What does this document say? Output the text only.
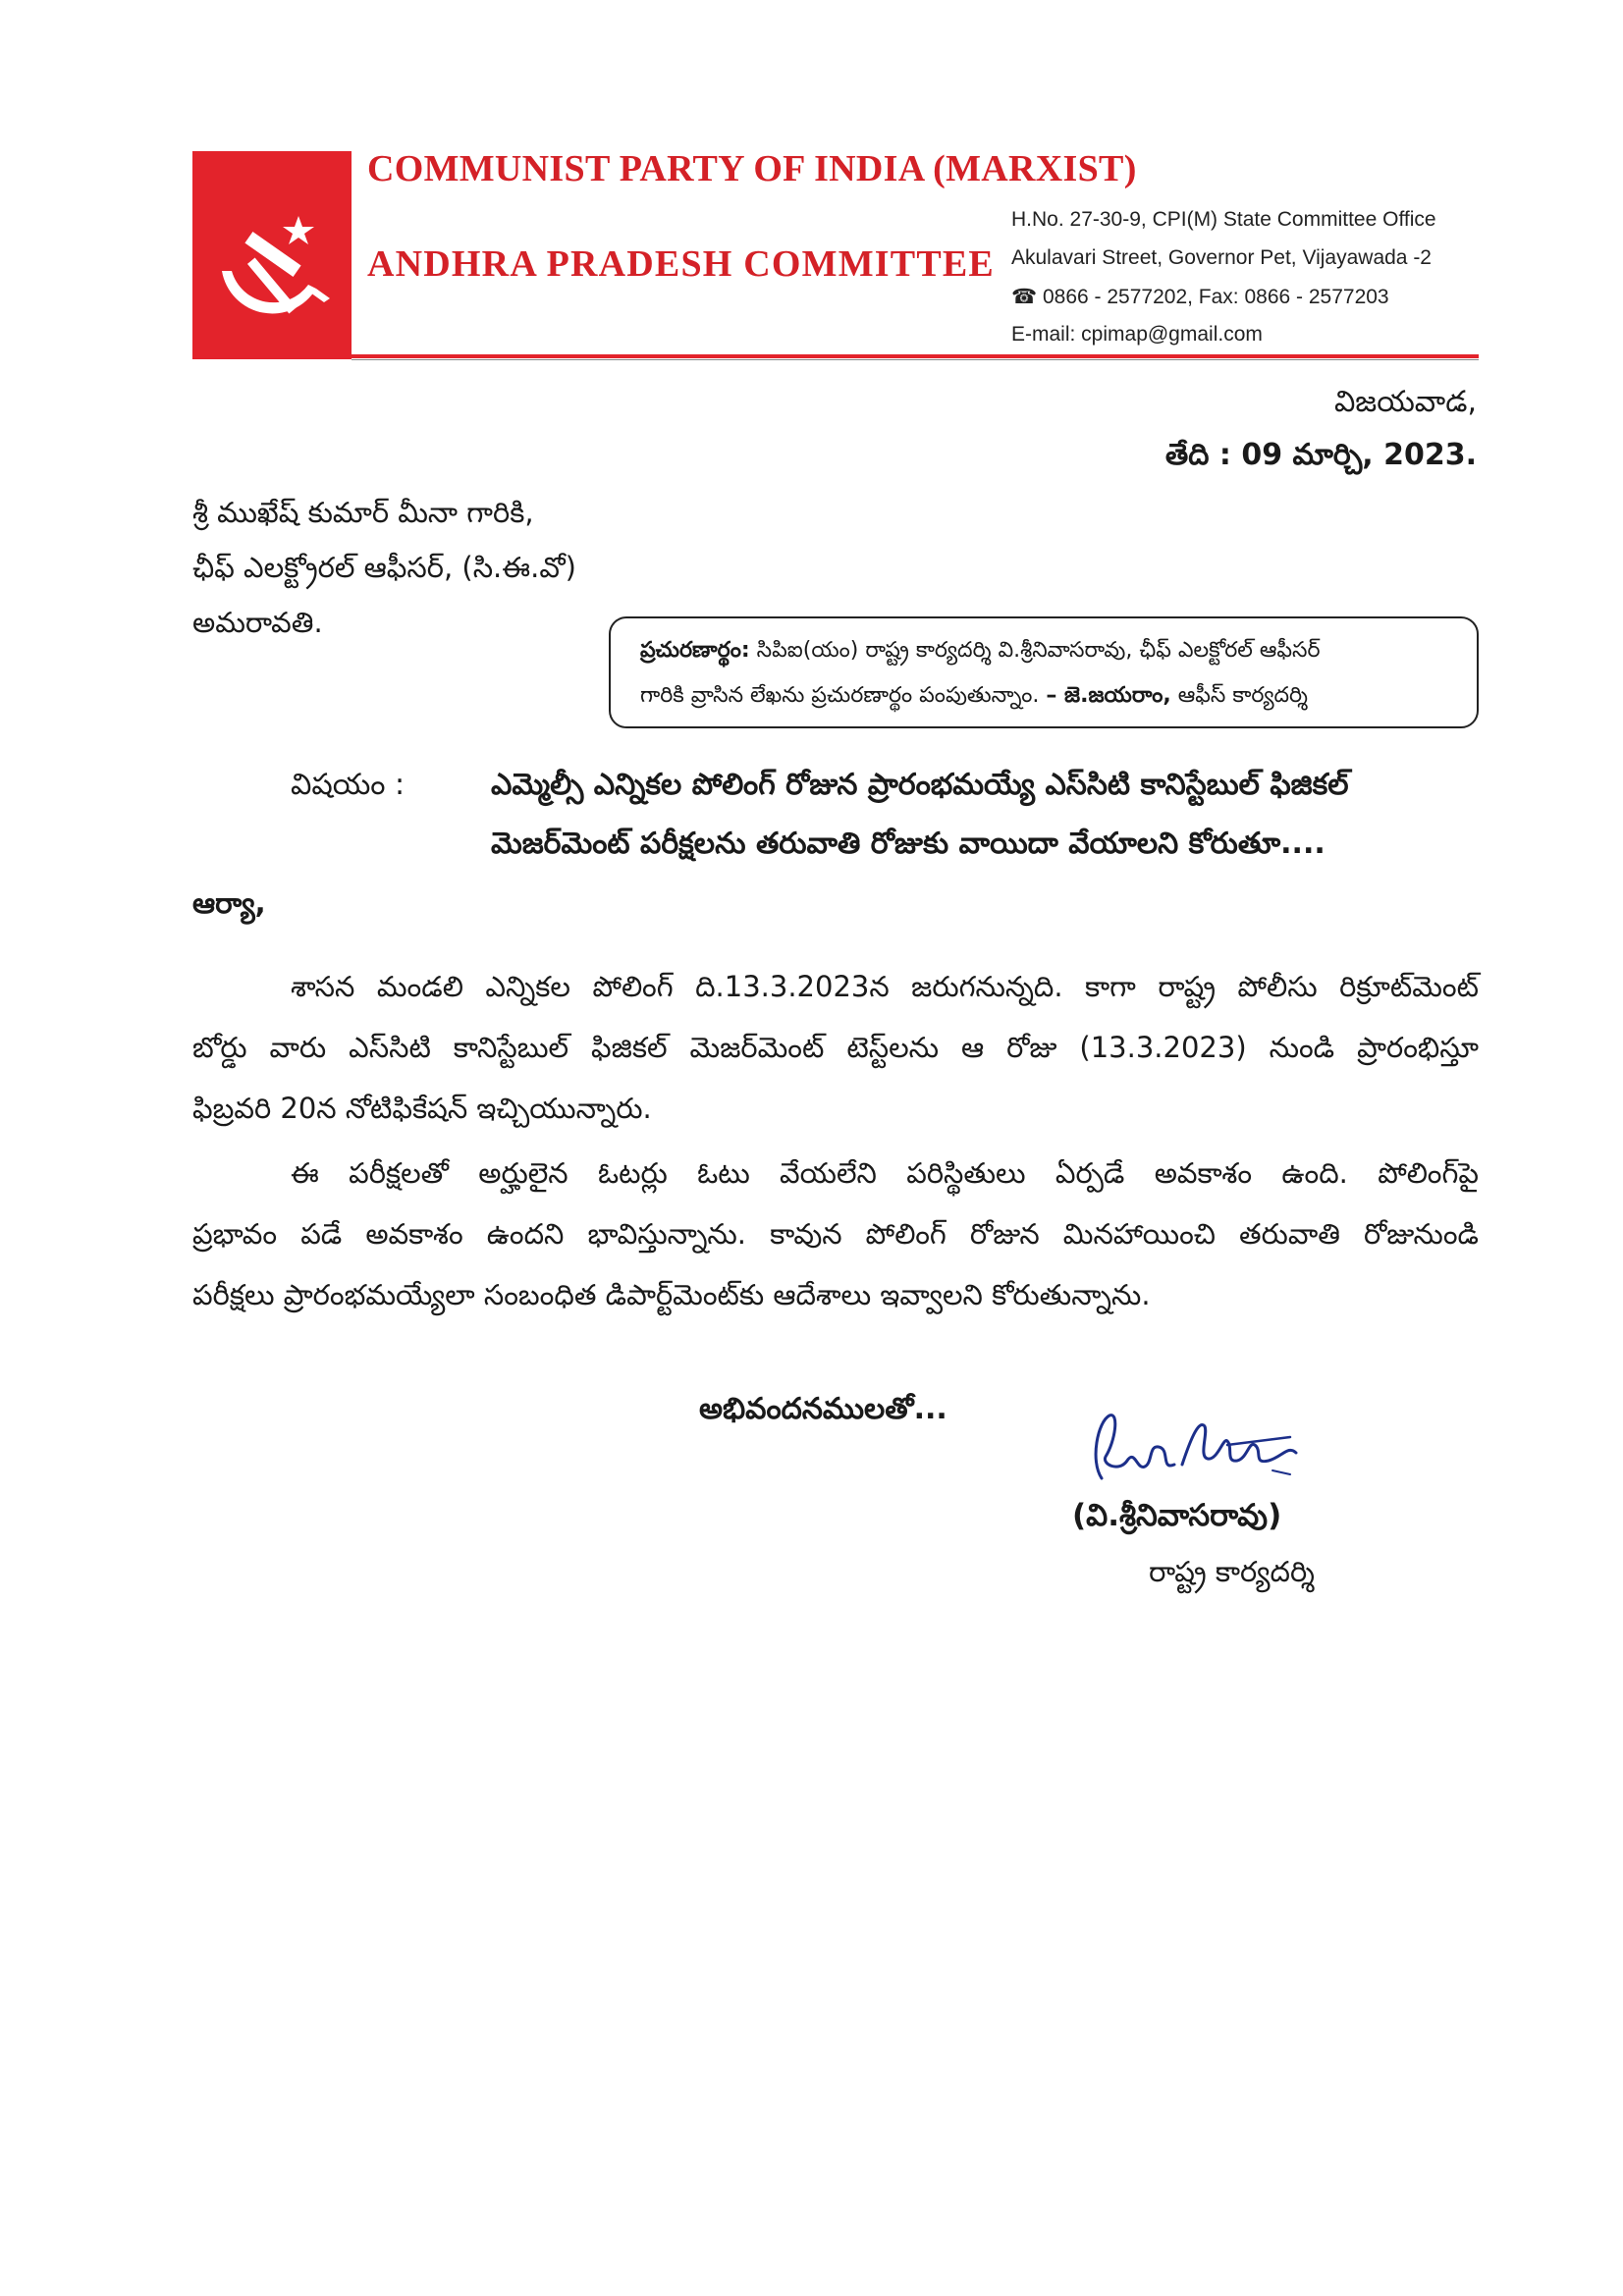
COMMUNIST PARTY OF INDIA (MARXIST)
ANDHRA PRADESH COMMITTEE
H.No. 27-30-9, CPI(M) State Committee Office
Akulavari Street, Governor Pet, Vijayawada -2
☎ 0866 - 2577202, Fax: 0866 - 2577203
E-mail: cpimap@gmail.com
విజయవాడ,
తేది : 09 మార్చి, 2023.
శ్రీ ముఖేష్ కుమార్ మీనా గారికి,
ఛీఫ్ ఎలక్ట్రోరల్ ఆఫీసర్, (సి.ఈ.వో)
అమరావతి.
ప్రచురణార్థం: సిపిఐ(యం) రాష్ట్ర కార్యదర్శి వి.శ్రీనివాసరావు, ఛీఫ్ ఎలక్టోరల్ ఆఫీసర్
గారికి వ్రాసిన లేఖను ప్రచురణార్థం పంపుతున్నాం. – జె.జయరాం, ఆఫీస్ కార్యదర్శి
విషయం :	ఎమ్మెల్సీ ఎన్నికల పోలింగ్ రోజున ప్రారంభమయ్యే ఎస్‌సిటి కానిస్టేబుల్ ఫిజికల్
మెజర్‌మెంట్ పరీక్షలను తరువాతి రోజుకు వాయిదా వేయాలని కోరుతూ....
ఆర్యా,
శాసన మండలి ఎన్నికల పోలింగ్ ది.13.3.2023న జరుగనున్నది. కాగా రాష్ట్ర పోలీసు రిక్రూట్‌మెంట్
బోర్డు వారు ఎస్‌సిటి కానిస్టేబుల్ ఫిజికల్ మెజర్‌మెంట్ టెస్ట్‌లను ఆ రోజు (13.3.2023) నుండి ప్రారంభిస్తూ
ఫిబ్రవరి 20న నోటిఫికేషన్ ఇచ్చియున్నారు.
ఈ పరీక్షలతో అర్హులైన ఓటర్లు ఓటు వేయలేని పరిస్థితులు ఏర్పడే అవకాశం ఉంది. పోలింగ్‌పై
ప్రభావం పడే అవకాశం ఉందని భావిస్తున్నాను. కావున పోలింగ్ రోజున మినహాయించి తరువాతి రోజునుండి
పరీక్షలు ప్రారంభమయ్యేలా సంబంధిత డిపార్ట్‌మెంట్‌కు ఆదేశాలు ఇవ్వాలని కోరుతున్నాను.
అభివందనములతో...
(వి.శ్రీనివాసరావు)
రాష్ట్ర కార్యదర్శి
